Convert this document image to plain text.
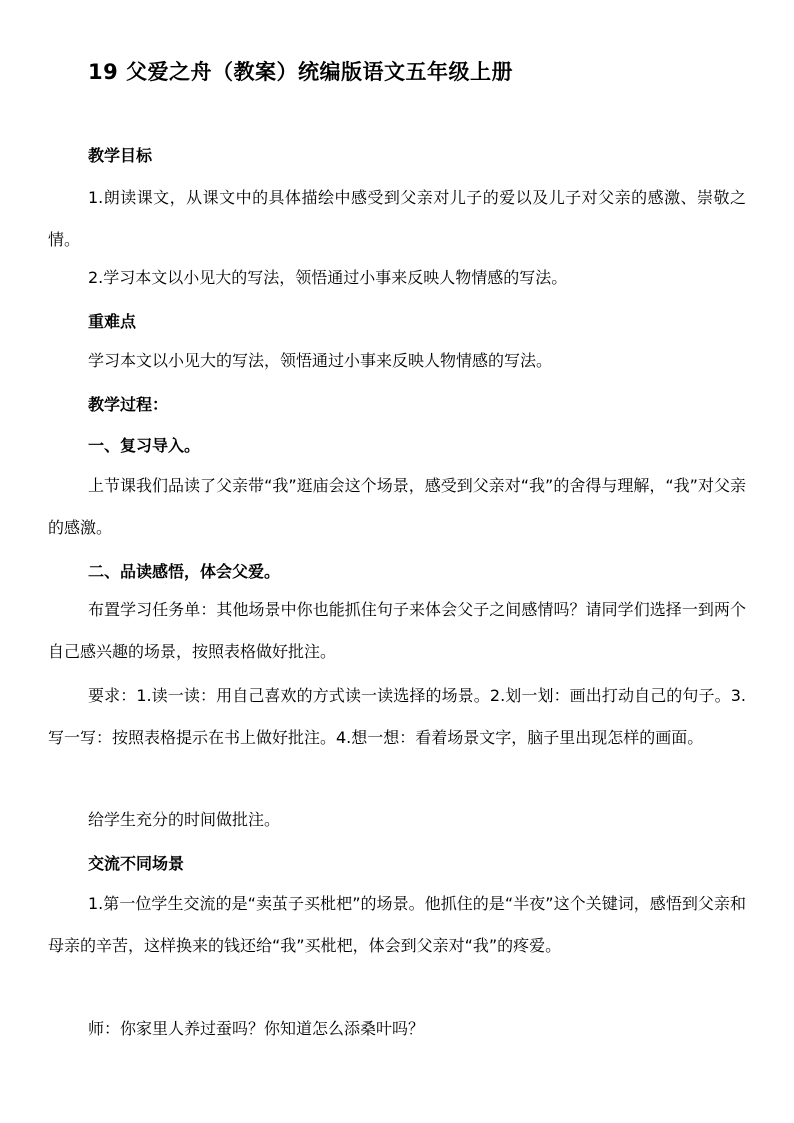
19 父爱之舟（教案）统编版语文五年级上册
教学目标
1.朗读课文，从课文中的具体描绘中感受到父亲对儿子的爱以及儿子对父亲的感激、崇敬之情。
2.学习本文以小见大的写法，领悟通过小事来反映人物情感的写法。
重难点
学习本文以小见大的写法，领悟通过小事来反映人物情感的写法。
教学过程：
一、复习导入。
上节课我们品读了父亲带“我”逛庙会这个场景，感受到父亲对“我”的舍得与理解，“我”对父亲的感激。
二、品读感悟，体会父爱。
布置学习任务单：其他场景中你也能抓住句子来体会父子之间感情吗？请同学们选择一到两个自己感兴趣的场景，按照表格做好批注。
要求：1.读一读：用自己喜欢的方式读一读选择的场景。2.划一划：画出打动自己的句子。3.写一写：按照表格提示在书上做好批注。4.想一想：看着场景文字，脑子里出现怎样的画面。
给学生充分的时间做批注。
交流不同场景
1.第一位学生交流的是“卖茧子买枇杷”的场景。他抓住的是“半夜”这个关键词，感悟到父亲和母亲的辛苦，这样换来的钱还给“我”买枇杷，体会到父亲对“我”的疼爱。
师：你家里人养过蚕吗？你知道怎么添桑叶吗？
